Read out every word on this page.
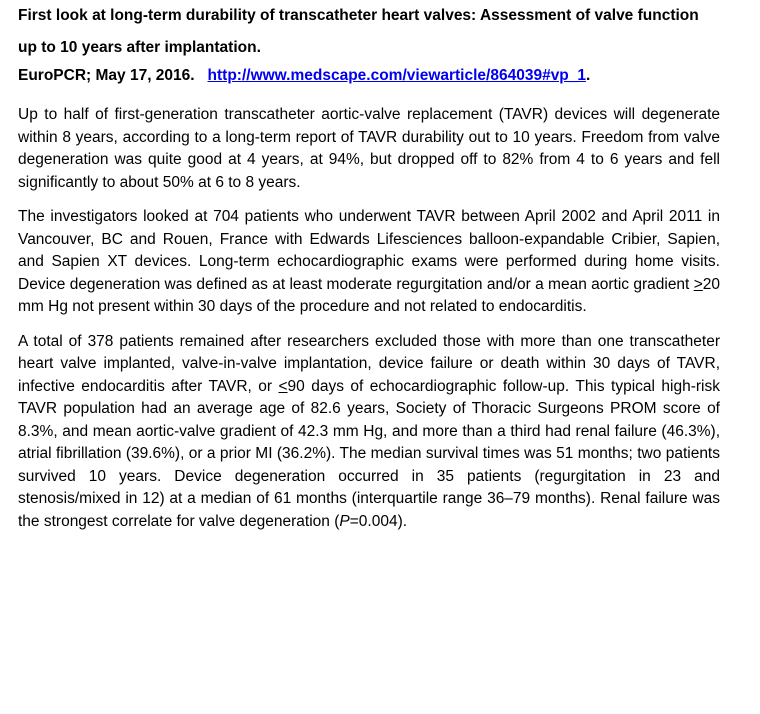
First look at long-term durability of transcatheter heart valves: Assessment of valve function up to 10 years after implantation.
EuroPCR; May 17, 2016. http://www.medscape.com/viewarticle/864039#vp_1.

Up to half of first-generation transcatheter aortic-valve replacement (TAVR) devices will degenerate within 8 years, according to a long-term report of TAVR durability out to 10 years. Freedom from valve degeneration was quite good at 4 years, at 94%, but dropped off to 82% from 4 to 6 years and fell significantly to about 50% at 6 to 8 years.

The investigators looked at 704 patients who underwent TAVR between April 2002 and April 2011 in Vancouver, BC and Rouen, France with Edwards Lifesciences balloon-expandable Cribier, Sapien, and Sapien XT devices. Long-term echocardiographic exams were performed during home visits. Device degeneration was defined as at least moderate regurgitation and/or a mean aortic gradient ≥20 mm Hg not present within 30 days of the procedure and not related to endocarditis.

A total of 378 patients remained after researchers excluded those with more than one transcatheter heart valve implanted, valve-in-valve implantation, device failure or death within 30 days of TAVR, infective endocarditis after TAVR, or ≤90 days of echocardiographic follow-up. This typical high-risk TAVR population had an average age of 82.6 years, Society of Thoracic Surgeons PROM score of 8.3%, and mean aortic-valve gradient of 42.3 mm Hg, and more than a third had renal failure (46.3%), atrial fibrillation (39.6%), or a prior MI (36.2%). The median survival times was 51 months; two patients survived 10 years. Device degeneration occurred in 35 patients (regurgitation in 23 and stenosis/mixed in 12) at a median of 61 months (interquartile range 36–79 months). Renal failure was the strongest correlate for valve degeneration (P=0.004).
